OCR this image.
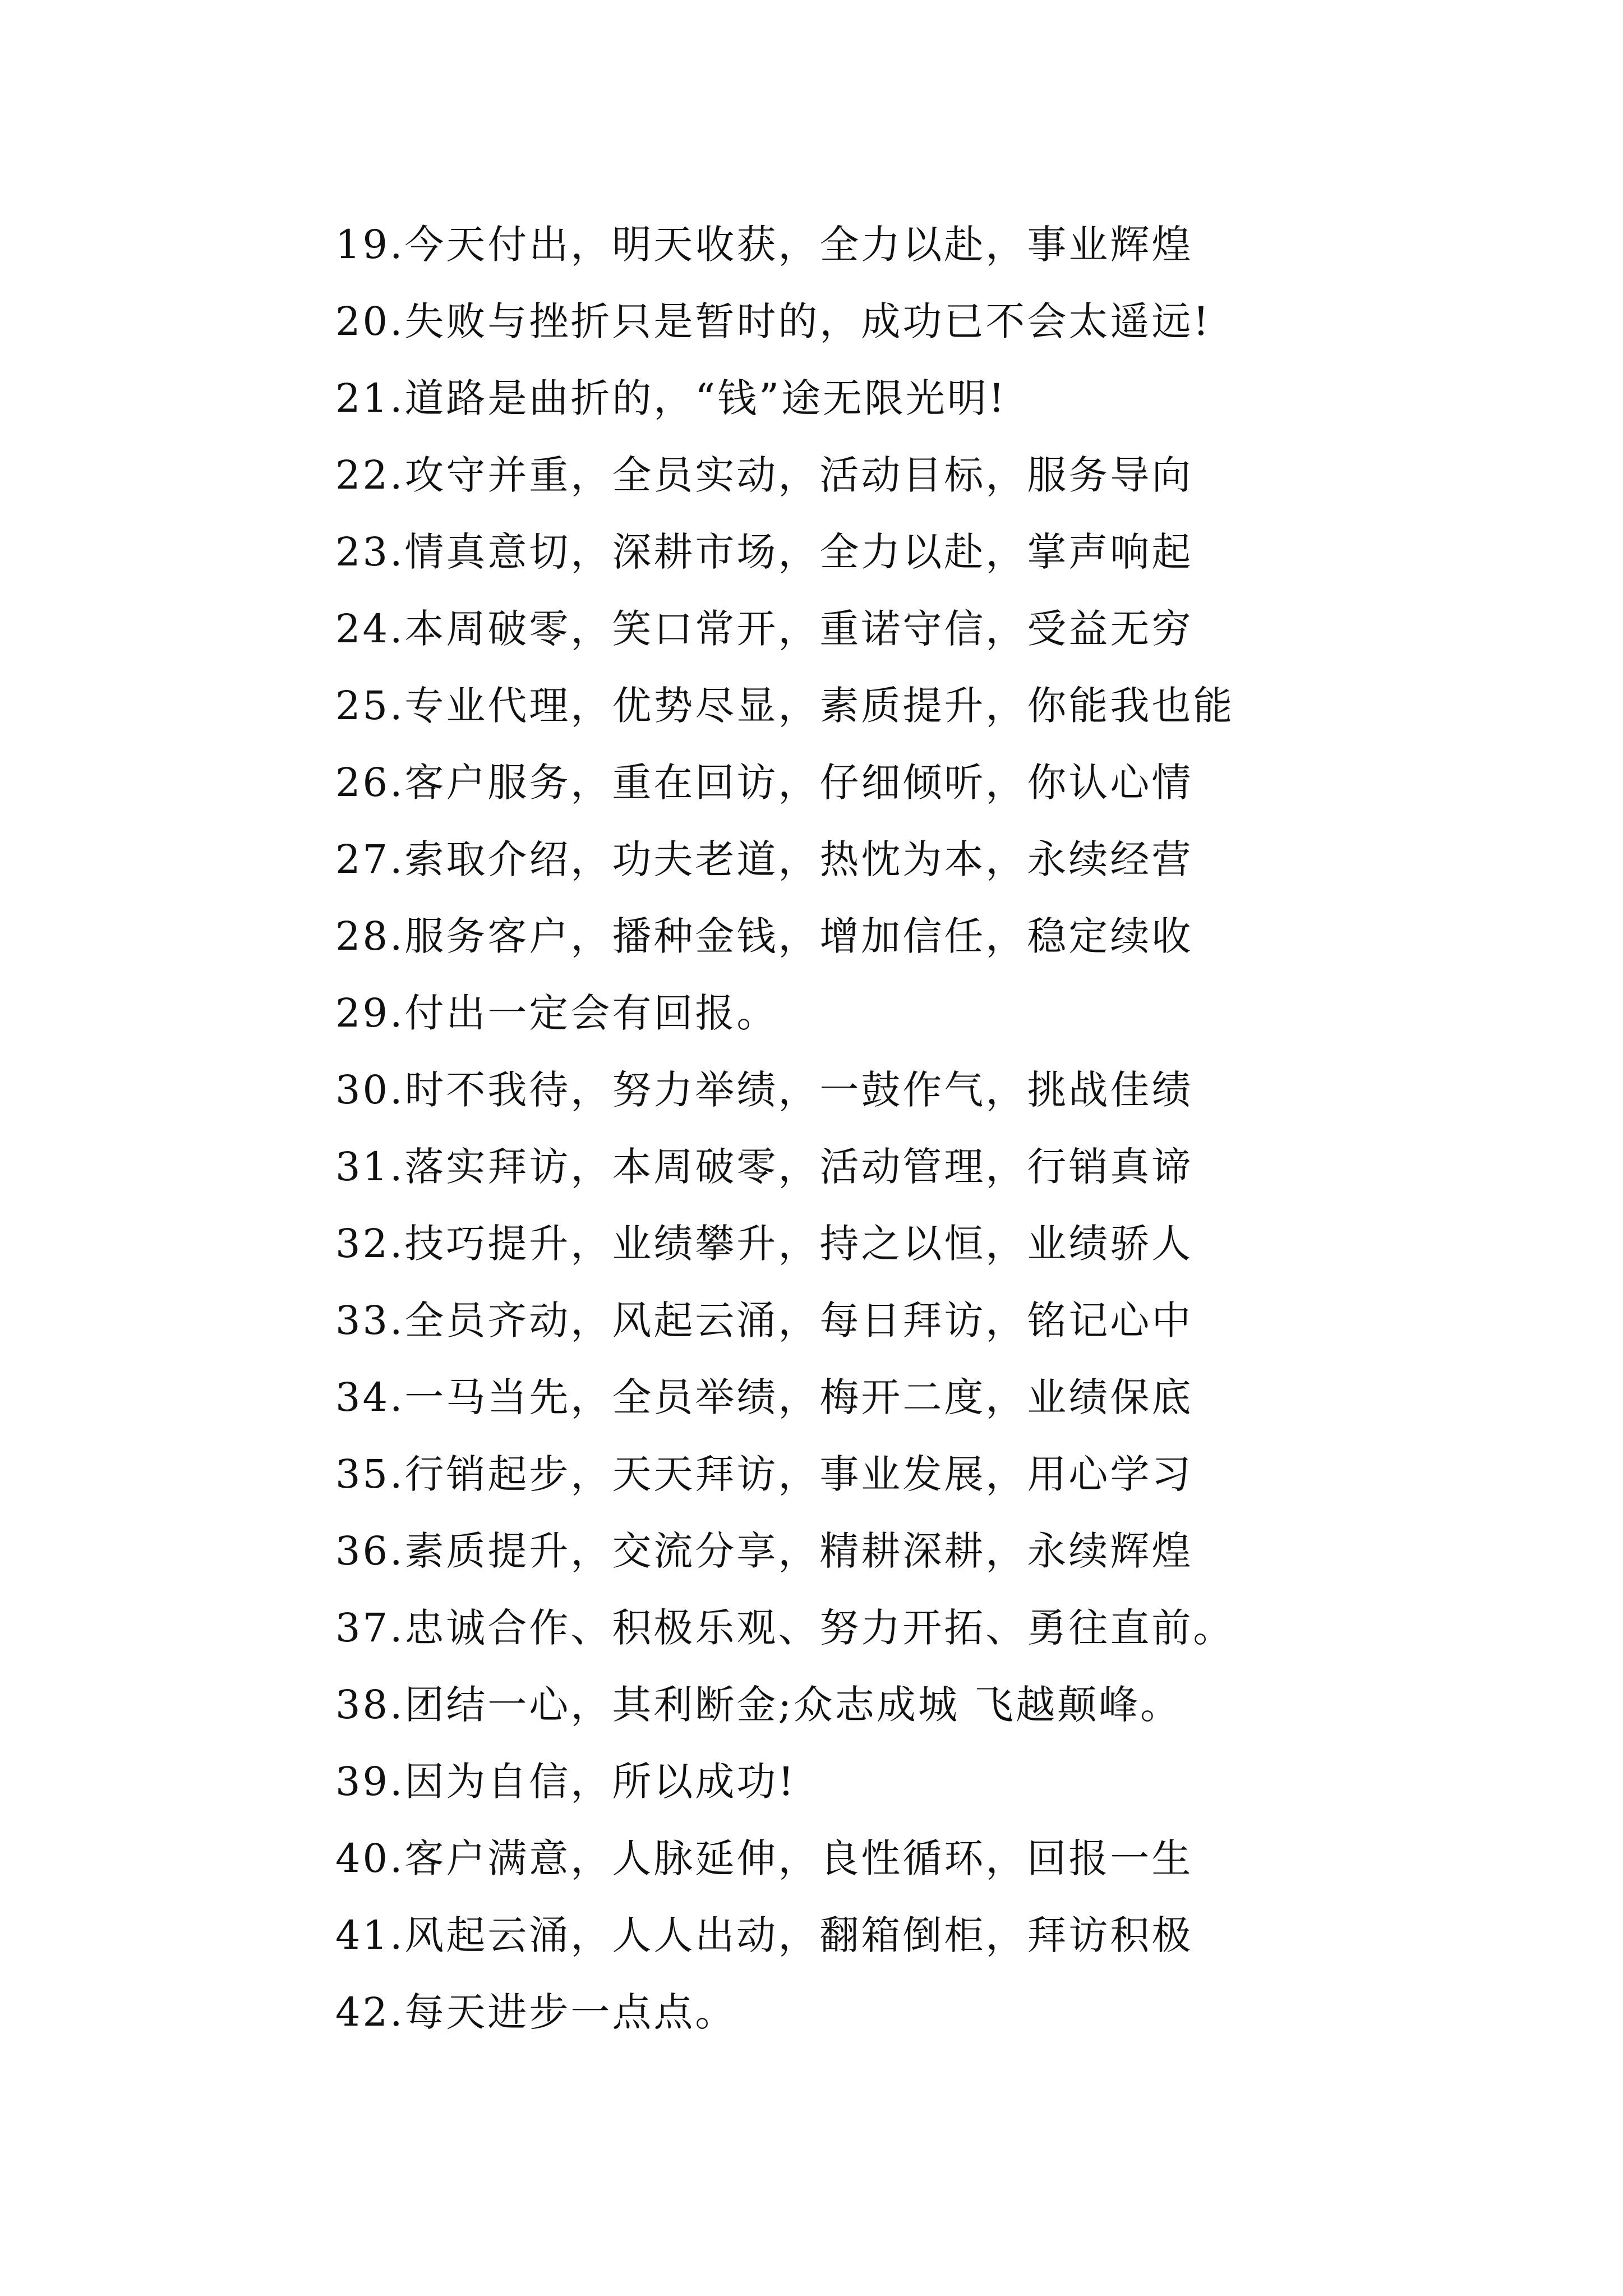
19.今天付出，明天收获，全力以赴，事业辉煌
20.失败与挫折只是暂时的，成功已不会太遥远!
21.道路是曲折的，“钱”途无限光明!
22.攻守并重，全员实动，活动目标，服务导向
23.情真意切，深耕市场，全力以赴，掌声响起
24.本周破零，笑口常开，重诺守信，受益无穷
25.专业代理，优势尽显，素质提升，你能我也能
26.客户服务，重在回访，仔细倾听，你认心情
27.索取介绍，功夫老道，热忱为本，永续经营
28.服务客户，播种金钱，增加信任，稳定续收
29.付出一定会有回报。
30.时不我待，努力举绩，一鼓作气，挑战佳绩
31.落实拜访，本周破零，活动管理，行销真谛
32.技巧提升，业绩攀升，持之以恒，业绩骄人
33.全员齐动，风起云涌，每日拜访，铭记心中
34.一马当先，全员举绩，梅开二度，业绩保底
35.行销起步，天天拜访，事业发展，用心学习
36.素质提升，交流分享，精耕深耕，永续辉煌
37.忠诚合作、积极乐观、努力开拓、勇往直前。
38.团结一心，其利断金;众志成城 飞越颠峰。
39.因为自信，所以成功!
40.客户满意，人脉延伸，良性循环，回报一生
41.风起云涌，人人出动，翻箱倒柜，拜访积极
42.每天进步一点点。
